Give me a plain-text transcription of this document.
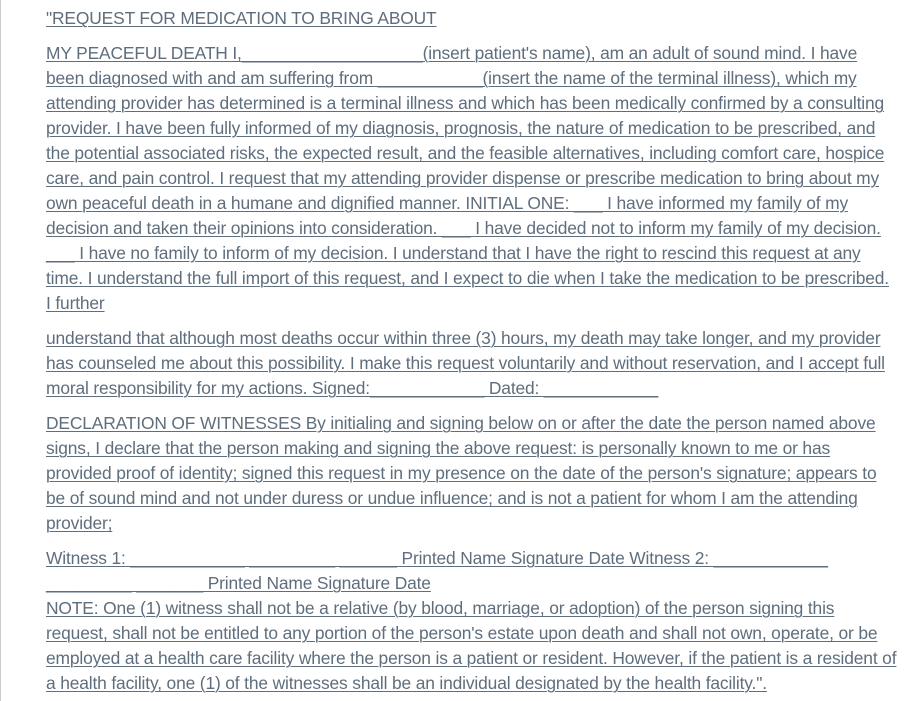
"REQUEST FOR MEDICATION TO BRING ABOUT

MY PEACEFUL DEATH I,___________________(insert patient's name), am an adult of sound mind. I have been diagnosed with and am suffering from ___________(insert the name of the terminal illness), which my attending provider has determined is a terminal illness and which has been medically confirmed by a consulting provider. I have been fully informed of my diagnosis, prognosis, the nature of medication to be prescribed, and the potential associated risks, the expected result, and the feasible alternatives, including comfort care, hospice care, and pain control. I request that my attending provider dispense or prescribe medication to bring about my own peaceful death in a humane and dignified manner. INITIAL ONE: ___ I have informed my family of my decision and taken their opinions into consideration. ___ I have decided not to inform my family of my decision. ___ I have no family to inform of my decision. I understand that I have the right to rescind this request at any time. I understand the full import of this request, and I expect to die when I take the medication to be prescribed. I further

understand that although most deaths occur within three (3) hours, my death may take longer, and my provider has counseled me about this possibility. I make this request voluntarily and without reservation, and I accept full moral responsibility for my actions. Signed:____________ Dated: ____________

DECLARATION OF WITNESSES By initialing and signing below on or after the date the person named above signs, I declare that the person making and signing the above request: is personally known to me or has provided proof of identity; signed this request in my presence on the date of the person's signature; appears to be of sound mind and not under duress or undue influence; and is not a patient for whom I am the attending provider;

Witness 1: ____________ _________ ______ Printed Name Signature Date Witness 2: ____________ _________ _______ Printed Name Signature Date

NOTE: One (1) witness shall not be a relative (by blood, marriage, or adoption) of the person signing this request, shall not be entitled to any portion of the person's estate upon death and shall not own, operate, or be employed at a health care facility where the person is a patient or resident. However, if the patient is a resident of a health facility, one (1) of the witnesses shall be an individual designated by the health facility.".
